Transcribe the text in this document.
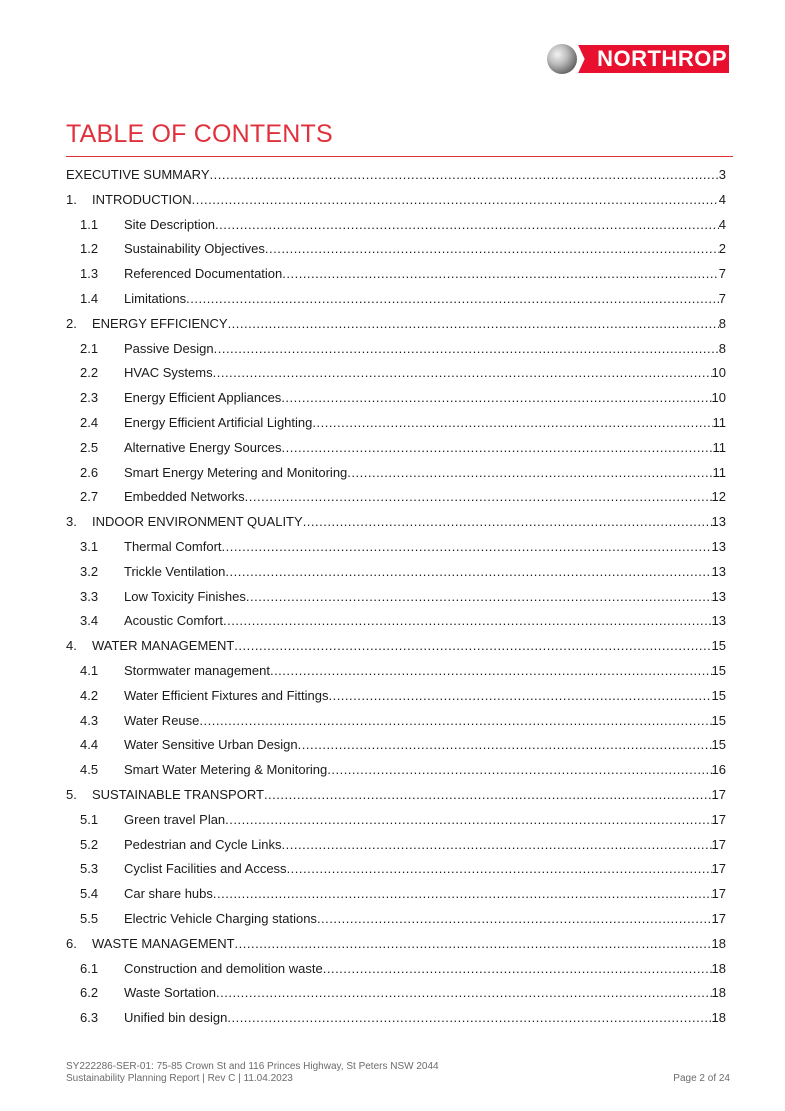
NORTHROP
TABLE OF CONTENTS
EXECUTIVE SUMMARY .....	3
1.	INTRODUCTION .....	4
1.1	Site Description .....	4
1.2	Sustainability Objectives .....	2
1.3	Referenced Documentation .....	7
1.4	Limitations .....	7
2.	ENERGY EFFICIENCY .....	8
2.1	Passive Design .....	8
2.2	HVAC Systems .....	10
2.3	Energy Efficient Appliances .....	10
2.4	Energy Efficient Artificial Lighting .....	11
2.5	Alternative Energy Sources .....	11
2.6	Smart Energy Metering and Monitoring .....	11
2.7	Embedded Networks .....	12
3.	INDOOR ENVIRONMENT QUALITY .....	13
3.1	Thermal Comfort .....	13
3.2	Trickle Ventilation .....	13
3.3	Low Toxicity Finishes .....	13
3.4	Acoustic Comfort .....	13
4.	WATER MANAGEMENT .....	15
4.1	Stormwater management .....	15
4.2	Water Efficient Fixtures and Fittings .....	15
4.3	Water Reuse .....	15
4.4	Water Sensitive Urban Design .....	15
4.5	Smart Water Metering & Monitoring .....	16
5.	SUSTAINABLE TRANSPORT .....	17
5.1	Green travel Plan .....	17
5.2	Pedestrian and Cycle Links .....	17
5.3	Cyclist Facilities and Access .....	17
5.4	Car share hubs .....	17
5.5	Electric Vehicle Charging stations .....	17
6.	WASTE MANAGEMENT .....	18
6.1	Construction and demolition waste .....	18
6.2	Waste Sortation .....	18
6.3	Unified bin design .....	18
SY222286-SER-01: 75-85 Crown St and 116 Princes Highway, St Peters NSW 2044
Sustainability Planning Report | Rev C | 11.04.2023	Page 2 of 24
